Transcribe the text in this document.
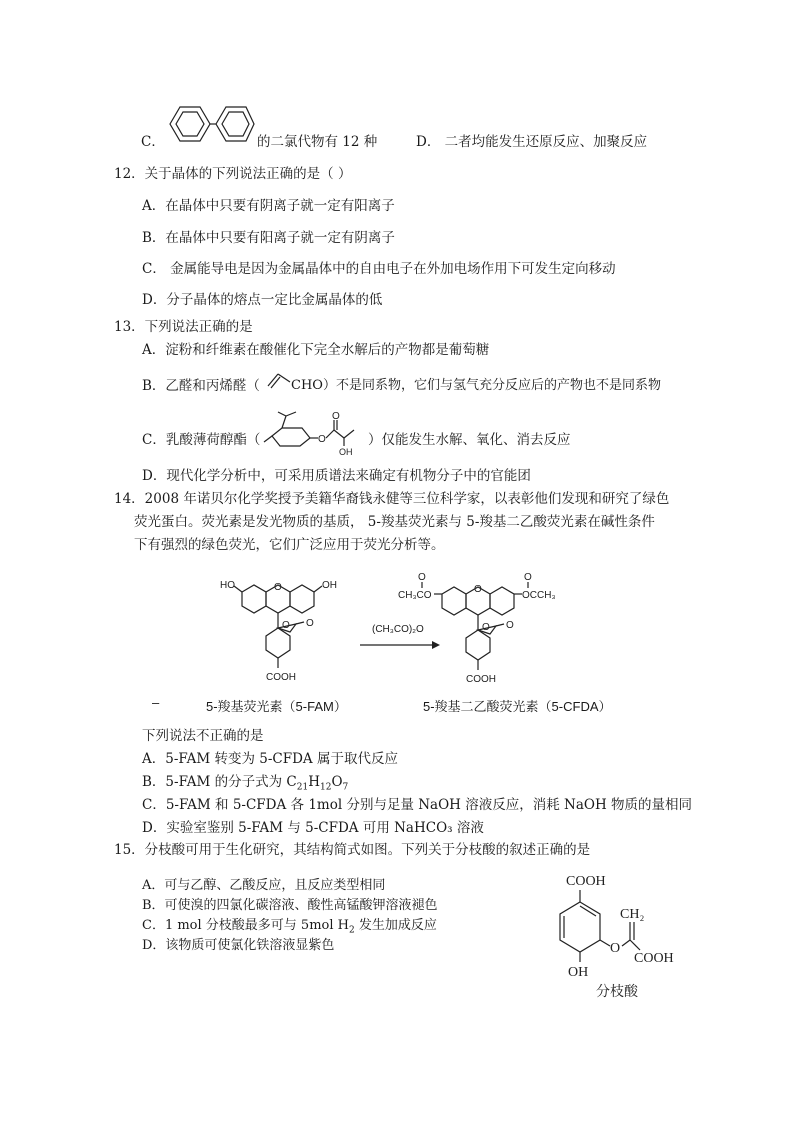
C．	的二氯代物有 12 种	D． 二者均能发生还原反应、加聚反应
12．关于晶体的下列说法正确的是（ ）
A．在晶体中只要有阴离子就一定有阳离子
B．在晶体中只要有阳离子就一定有阴离子
C． 金属能导电是因为金属晶体中的自由电子在外加电场作用下可发生定向移动
D．分子晶体的熔点一定比金属晶体的低
13．下列说法正确的是
A．淀粉和纤维素在酸催化下完全水解后的产物都是葡萄糖
B．乙醛和丙烯醛（ CHO）不是同系物，它们与氢气充分反应后的产物也不是同系物
C．乳酸薄荷醇酯（	O
O
OH
）仅能发生水解、氧化、消去反应
D．现代化学分析中，可采用质谱法来确定有机物分子中的官能团
14．2008 年诺贝尔化学奖授予美籍华裔钱永健等三位科学家，以表彰他们发现和研究了绿色
荧光蛋白。荧光素是发光物质的基质， 5-羧基荧光素与 5-羧基二乙酸荧光素在碱性条件
下有强烈的绿色荧光，它们广泛应用于荧光分析等。
HO	O	OH
O O
COOH
(CH₃CO)₂O
O
CH₃CO
O
O
OCCH₃
O O
COOH
–	5-羧基荧光素（5-FAM）	5-羧基二乙酸荧光素（5-CFDA）
下列说法不正确的是
A．5-FAM 转变为 5-CFDA 属于取代反应
B．5-FAM 的分子式为 $C_{21}H_{12}O_7$
C．5-FAM 和 5-CFDA 各 1mol 分别与足量 NaOH 溶液反应，消耗 NaOH 物质的量相同
D．实验室鉴别 5-FAM 与 5-CFDA 可用 NaHCO₃ 溶液
15．分枝酸可用于生化研究，其结构简式如图。下列关于分枝酸的叙述正确的是
A．可与乙醇、乙酸反应，且反应类型相同
B．可使溴的四氯化碳溶液、酸性高锰酸钾溶液褪色
C．1 mol 分枝酸最多可与 5mol $H_2$ 发生加成反应
D．该物质可使氯化铁溶液显紫色
COOH
OH
O
CH₂
COOH
分枝酸
